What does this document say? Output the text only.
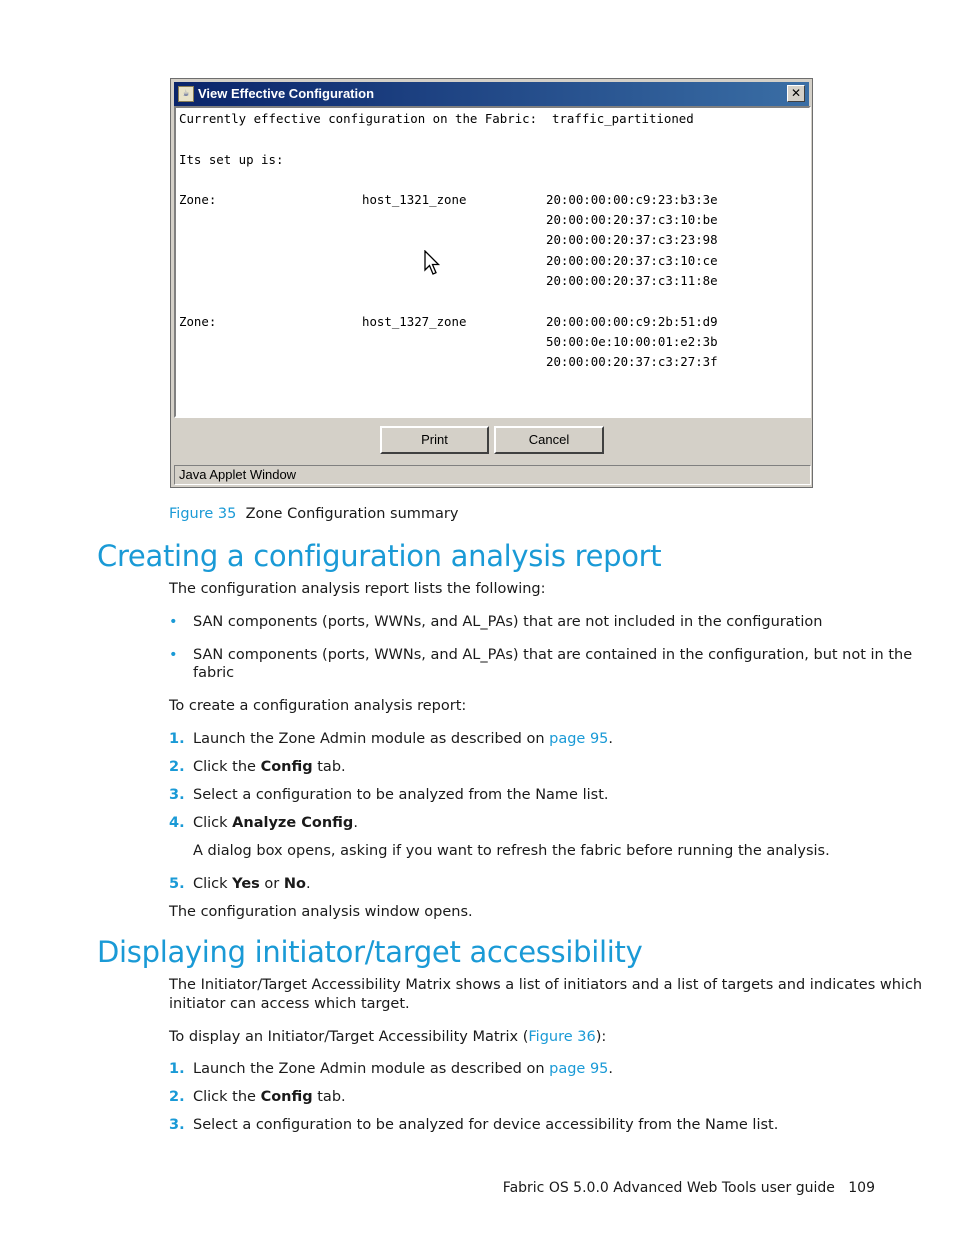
☕ View Effective Configuration	✕
Currently effective configuration on the Fabric:  traffic_partitioned
Its set up is:
Zone:	host_1321_zone	20:00:00:00:c9:23:b3:3e
20:00:00:20:37:c3:10:be
20:00:00:20:37:c3:23:98
20:00:00:20:37:c3:10:ce
20:00:00:20:37:c3:11:8e
Zone:	host_1327_zone	20:00:00:00:c9:2b:51:d9
50:00:0e:10:00:01:e2:3b
20:00:00:20:37:c3:27:3f
Print	Cancel
Java Applet Window
Figure 35 Zone Configuration summary
Creating a configuration analysis report

The configuration analysis report lists the following:

• SAN components (ports, WWNs, and AL_PAs) that are not included in the configuration

• SAN components (ports, WWNs, and AL_PAs) that are contained in the configuration, but not in the

fabric

To create a configuration analysis report:

1. Launch the Zone Admin module as described on page 95.

2. Click the Config tab.

3. Select a configuration to be analyzed from the Name list.

4. Click Analyze Config.

A dialog box opens, asking if you want to refresh the fabric before running the analysis.

5. Click Yes or No.

The configuration analysis window opens.

Displaying initiator/target accessibility

The Initiator/Target Accessibility Matrix shows a list of initiators and a list of targets and indicates which

initiator can access which target.

To display an Initiator/Target Accessibility Matrix (Figure 36):

1. Launch the Zone Admin module as described on page 95.

2. Click the Config tab.

3. Select a configuration to be analyzed for device accessibility from the Name list.

Fabric OS 5.0.0 Advanced Web Tools user guide 109
